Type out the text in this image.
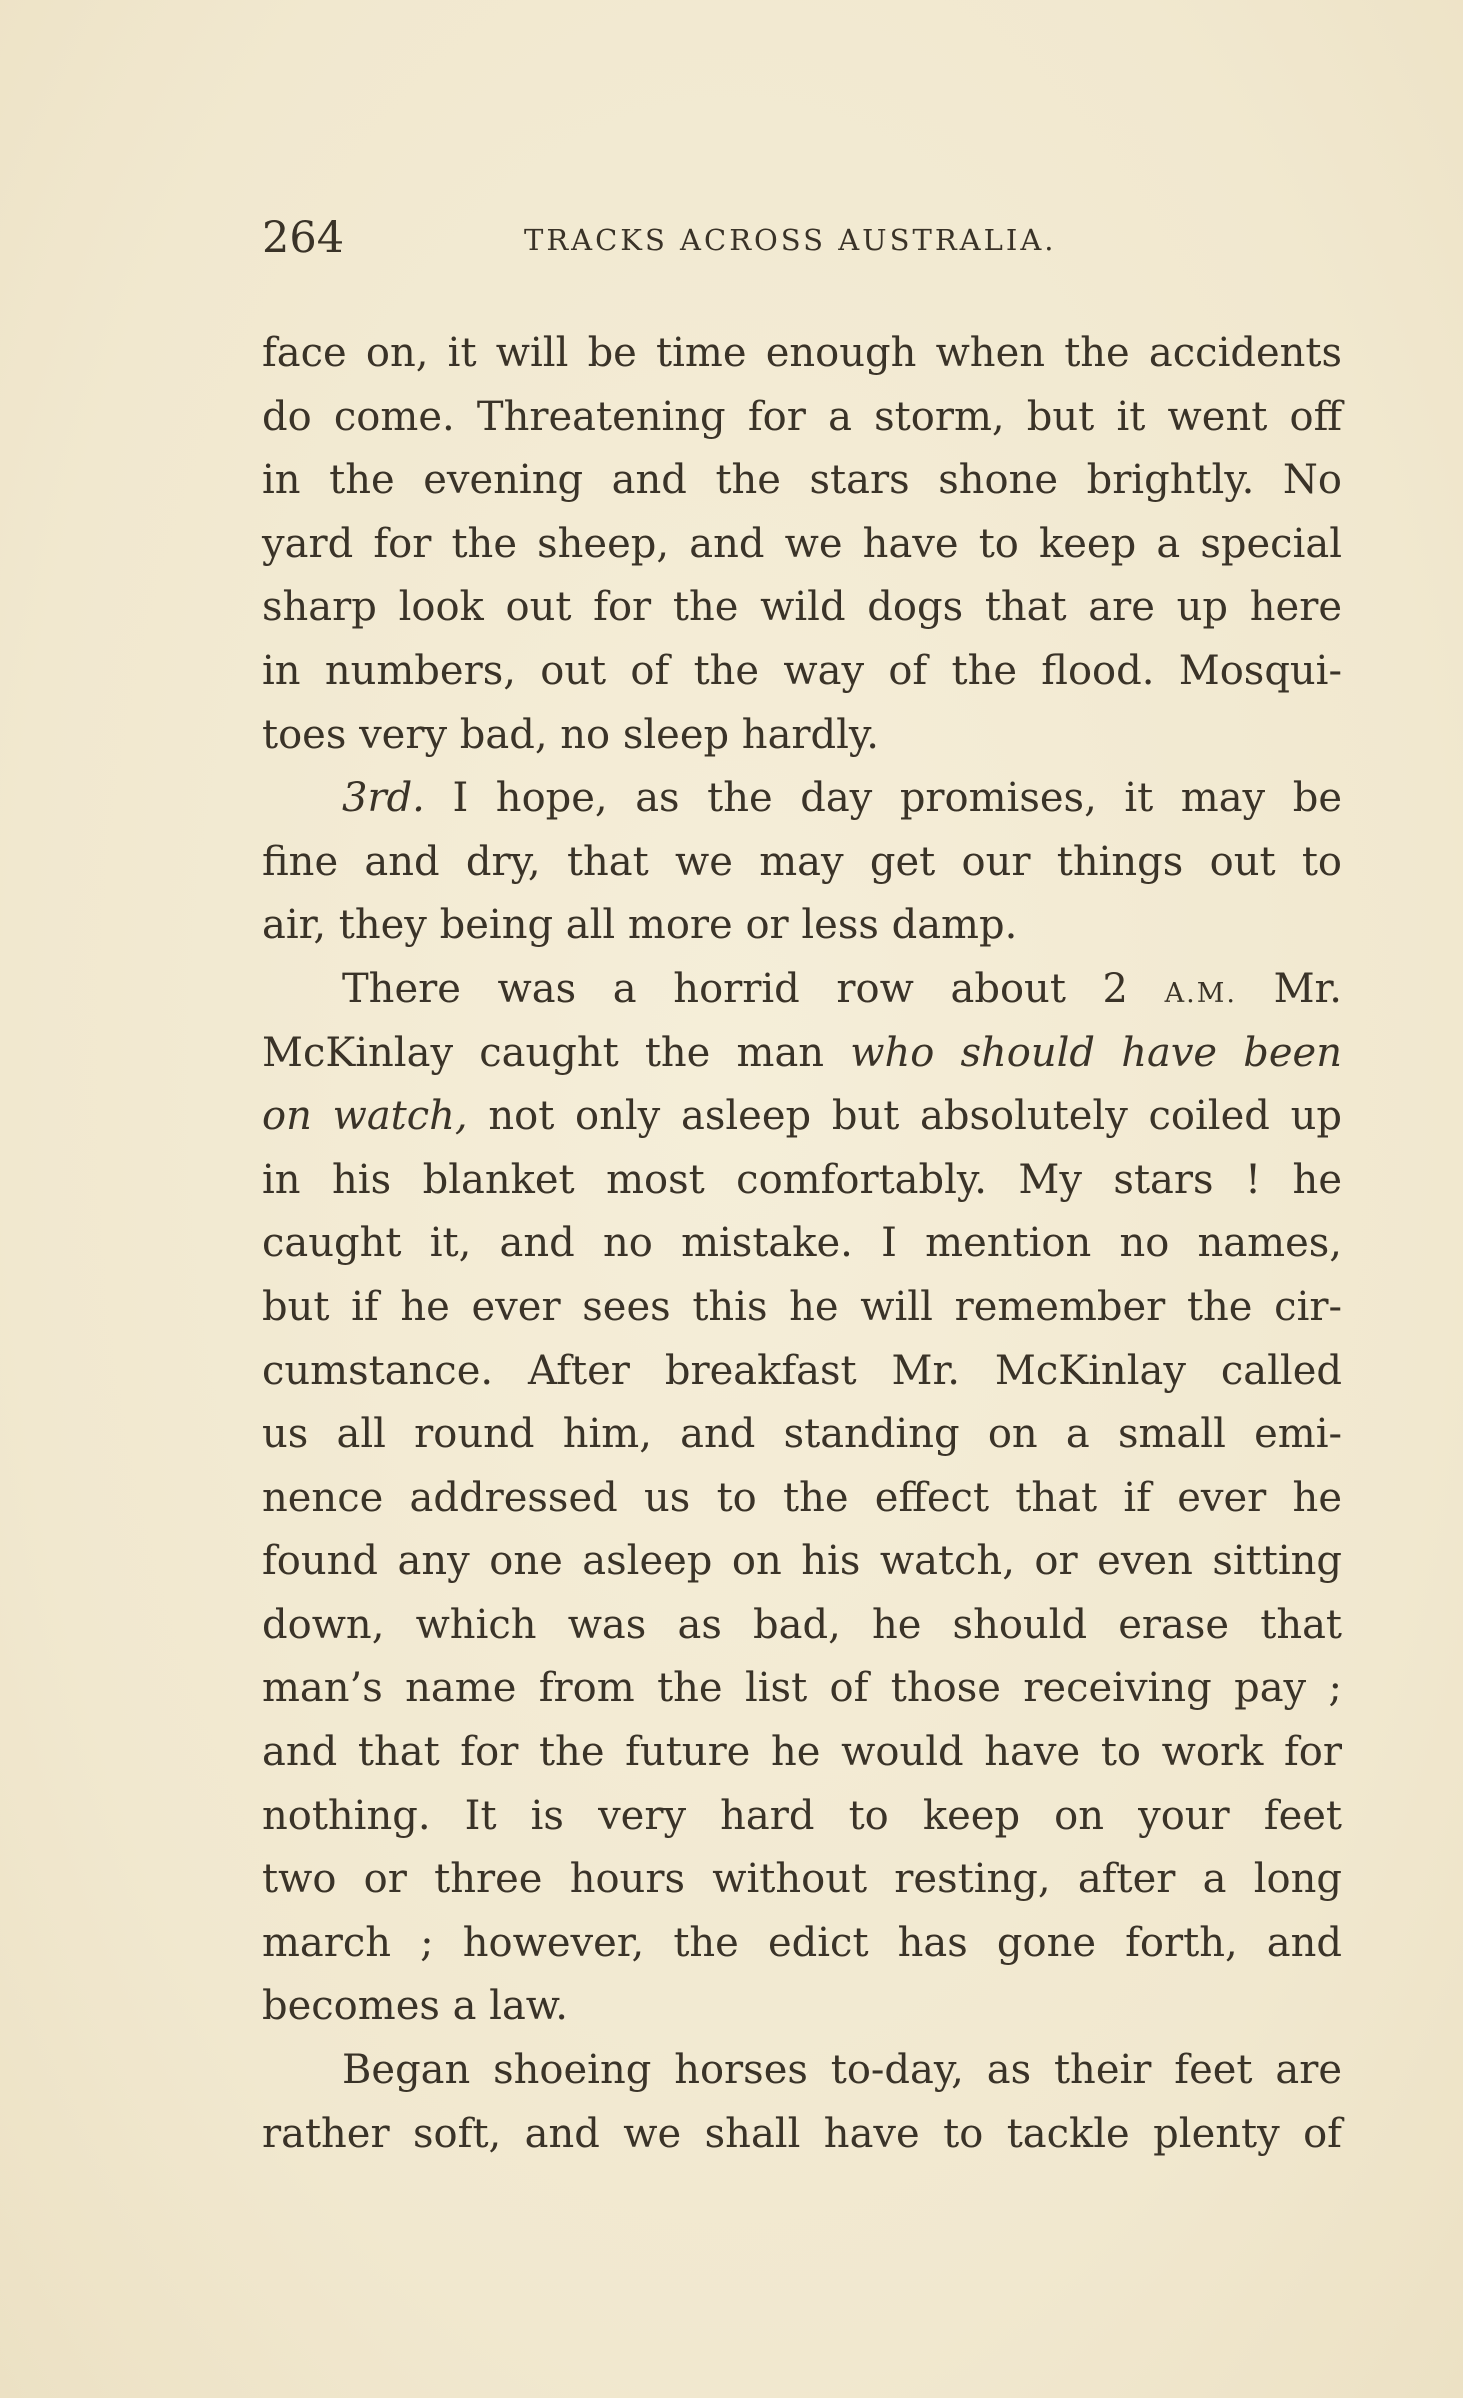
264	TRACKS ACROSS AUSTRALIA.
face on, it will be time enough when the accidents
do come. Threatening for a storm, but it went off
in the evening and the stars shone brightly. No
yard for the sheep, and we have to keep a special
sharp look out for the wild dogs that are up here
in numbers, out of the way of the flood. Mosqui-
toes very bad, no sleep hardly.
3rd. I hope, as the day promises, it may be
fine and dry, that we may get our things out to
air, they being all more or less damp.
There was a horrid row about 2 A.M. Mr.
McKinlay caught the man who should have been
on watch, not only asleep but absolutely coiled up
in his blanket most comfortably. My stars ! he
caught it, and no mistake. I mention no names,
but if he ever sees this he will remember the cir-
cumstance. After breakfast Mr. McKinlay called
us all round him, and standing on a small emi-
nence addressed us to the effect that if ever he
found any one asleep on his watch, or even sitting
down, which was as bad, he should erase that
man’s name from the list of those receiving pay ;
and that for the future he would have to work for
nothing. It is very hard to keep on your feet
two or three hours without resting, after a long
march ; however, the edict has gone forth, and
becomes a law.
Began shoeing horses to-day, as their feet are
rather soft, and we shall have to tackle plenty of
